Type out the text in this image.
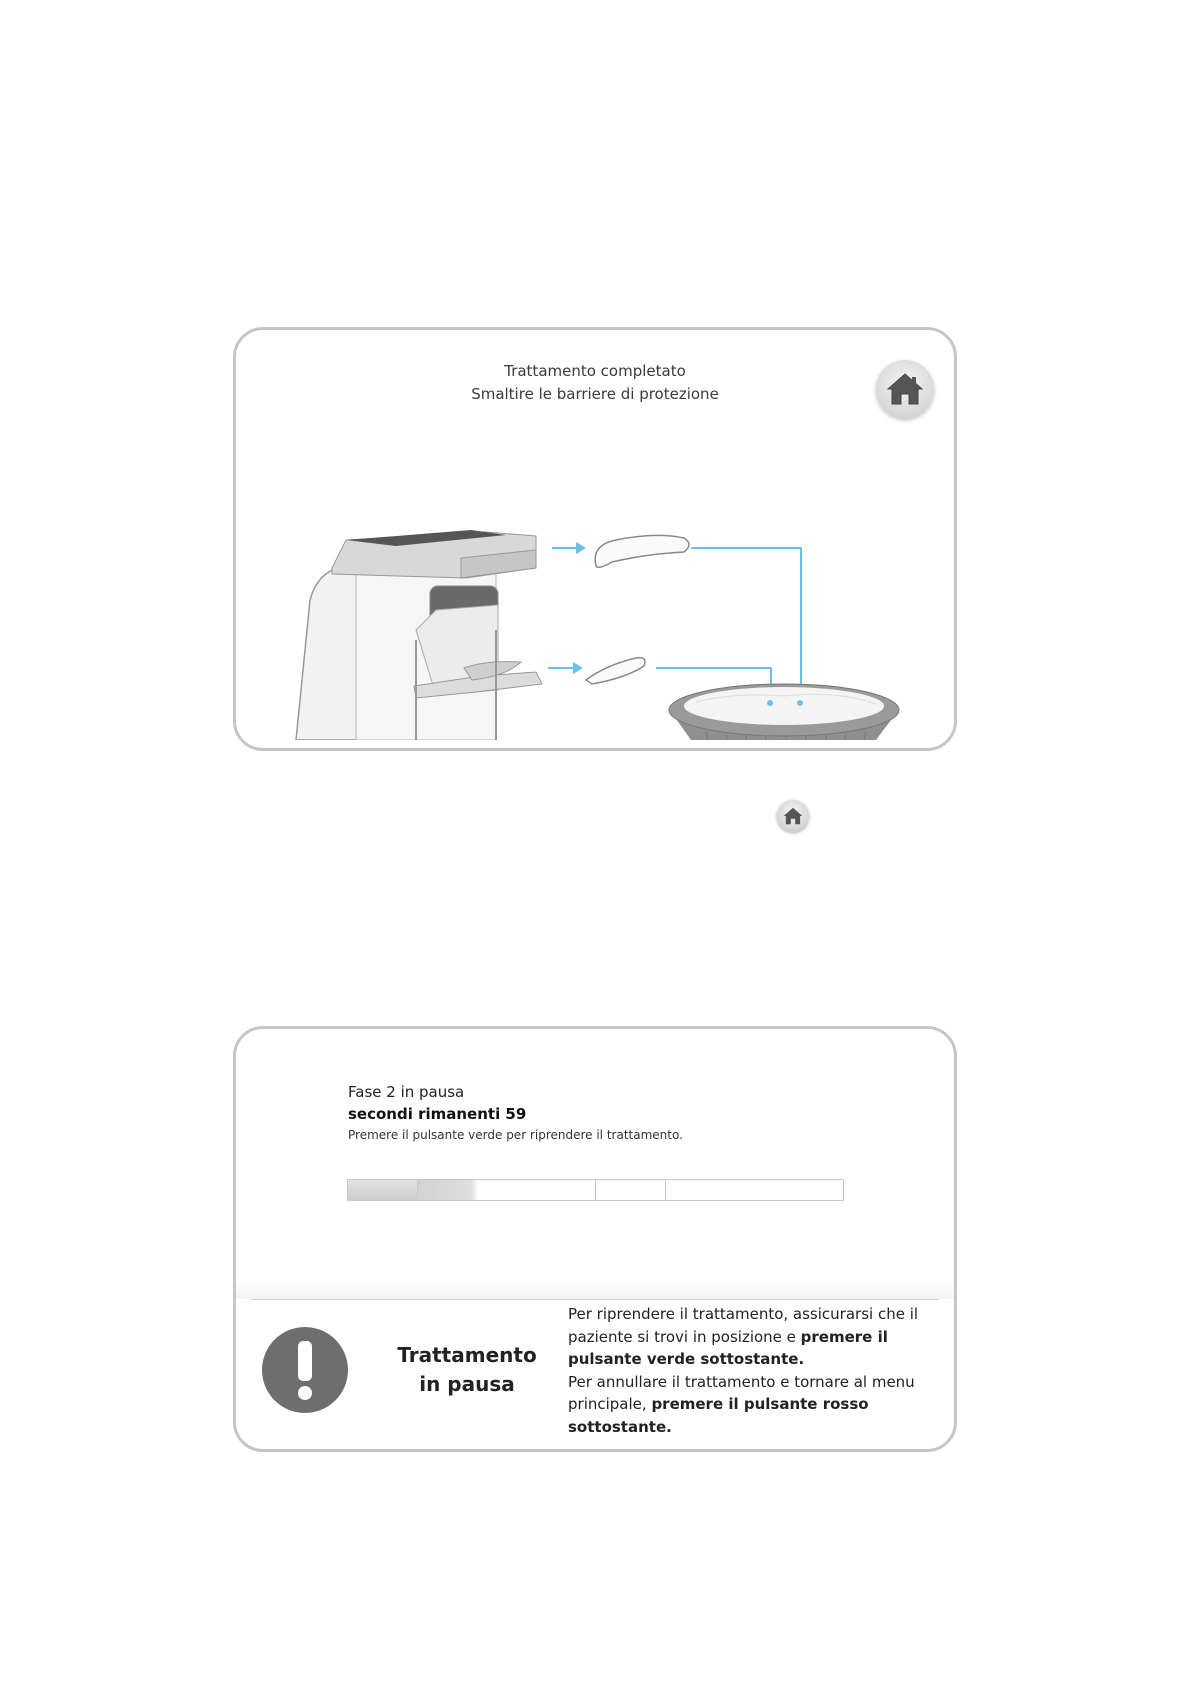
Trattamento completato
Smaltire le barriere di protezione
Fase 2 in pausa
secondi rimanenti 59
Premere il pulsante verde per riprendere il trattamento.
Trattamento in pausa
Per riprendere il trattamento, assicurarsi che il paziente si trovi in posizione e premere il pulsante verde sottostante.
Per annullare il trattamento e tornare al menu principale, premere il pulsante rosso sottostante.
